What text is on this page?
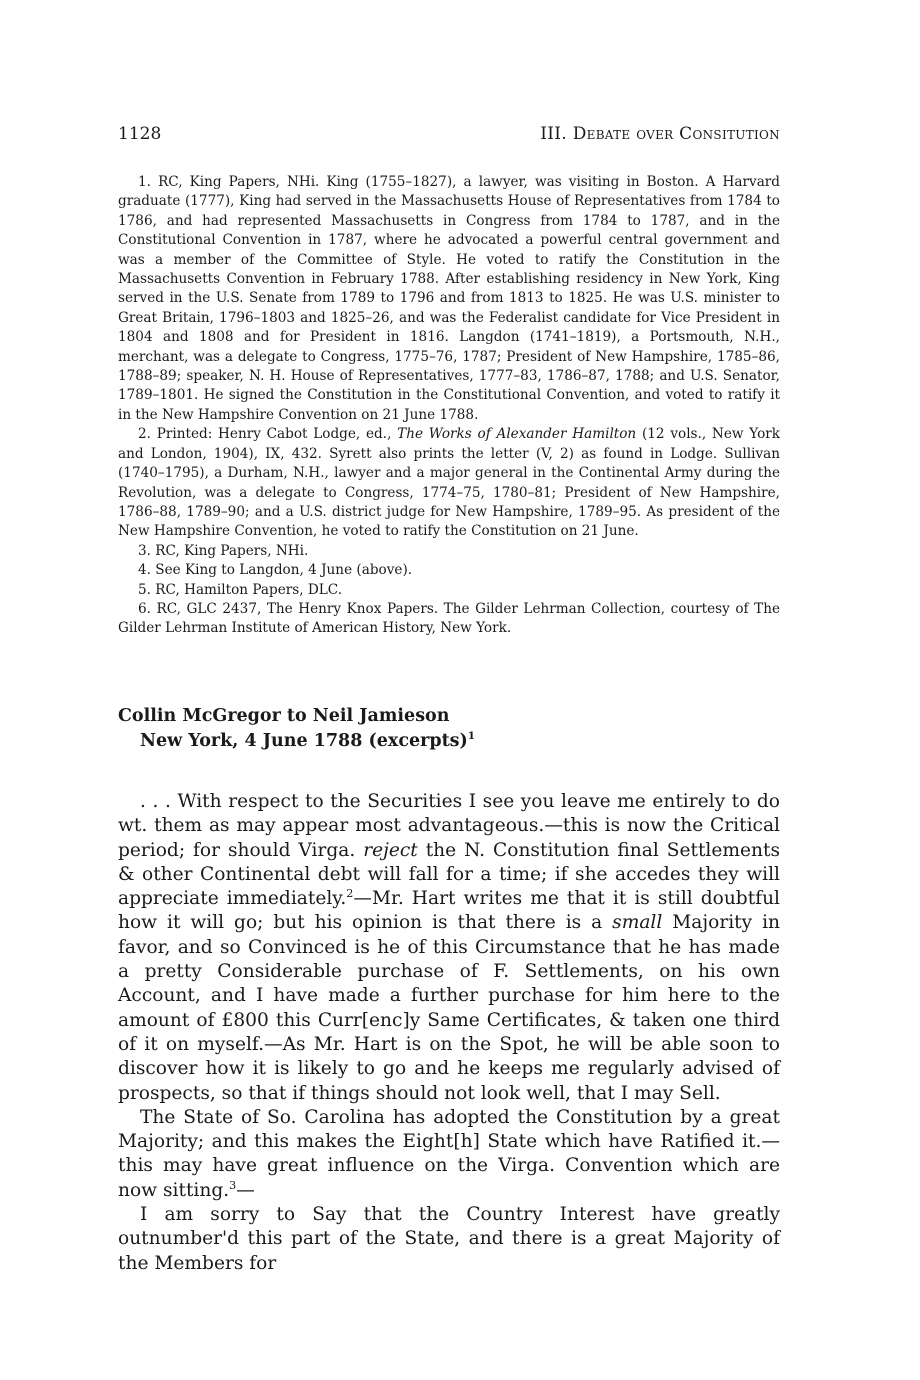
1128	III. Debate over Consitution

1. RC, King Papers, NHi. King (1755–1827), a lawyer, was visiting in Boston. A Harvard graduate (1777), King had served in the Massachusetts House of Representatives from 1784 to 1786, and had represented Massachusetts in Congress from 1784 to 1787, and in the Constitutional Convention in 1787, where he advocated a powerful central government and was a member of the Committee of Style. He voted to ratify the Constitution in the Massachusetts Convention in February 1788. After establishing residency in New York, King served in the U.S. Senate from 1789 to 1796 and from 1813 to 1825. He was U.S. minister to Great Britain, 1796–1803 and 1825–26, and was the Federalist candidate for Vice President in 1804 and 1808 and for President in 1816. Langdon (1741–1819), a Portsmouth, N.H., merchant, was a delegate to Congress, 1775–76, 1787; President of New Hampshire, 1785–86, 1788–89; speaker, N. H. House of Representatives, 1777–83, 1786–87, 1788; and U.S. Senator, 1789–1801. He signed the Constitution in the Constitutional Convention, and voted to ratify it in the New Hampshire Convention on 21 June 1788.

2. Printed: Henry Cabot Lodge, ed., The Works of Alexander Hamilton (12 vols., New York and London, 1904), IX, 432. Syrett also prints the letter (V, 2) as found in Lodge. Sullivan (1740–1795), a Durham, N.H., lawyer and a major general in the Continental Army during the Revolution, was a delegate to Congress, 1774–75, 1780–81; President of New Hampshire, 1786–88, 1789–90; and a U.S. district judge for New Hampshire, 1789–95. As president of the New Hampshire Convention, he voted to ratify the Constitution on 21 June.

3. RC, King Papers, NHi.

4. See King to Langdon, 4 June (above).

5. RC, Hamilton Papers, DLC.

6. RC, GLC 2437, The Henry Knox Papers. The Gilder Lehrman Collection, courtesy of The Gilder Lehrman Institute of American History, New York.

Collin McGregor to Neil Jamieson
New York, 4 June 1788 (excerpts)$^1$

. . . With respect to the Securities I see you leave me entirely to do wt. them as may appear most advantageous.—this is now the Critical period; for should Virga. reject the N. Constitution final Settlements & other Continental debt will fall for a time; if she accedes they will appreciate immediately.$^2$—Mr. Hart writes me that it is still doubtful how it will go; but his opinion is that there is a small Majority in favor, and so Convinced is he of this Circumstance that he has made a pretty Considerable purchase of F. Settlements, on his own Account, and I have made a further purchase for him here to the amount of £800 this Curr[enc]y Same Certificates, & taken one third of it on myself.—As Mr. Hart is on the Spot, he will be able soon to discover how it is likely to go and he keeps me regularly advised of prospects, so that if things should not look well, that I may Sell.

The State of So. Carolina has adopted the Constitution by a great Majority; and this makes the Eight[h] State which have Ratified it.—this may have great influence on the Virga. Convention which are now sitting.$^3$—

I am sorry to Say that the Country Interest have greatly outnumber'd this part of the State, and there is a great Majority of the Members for
